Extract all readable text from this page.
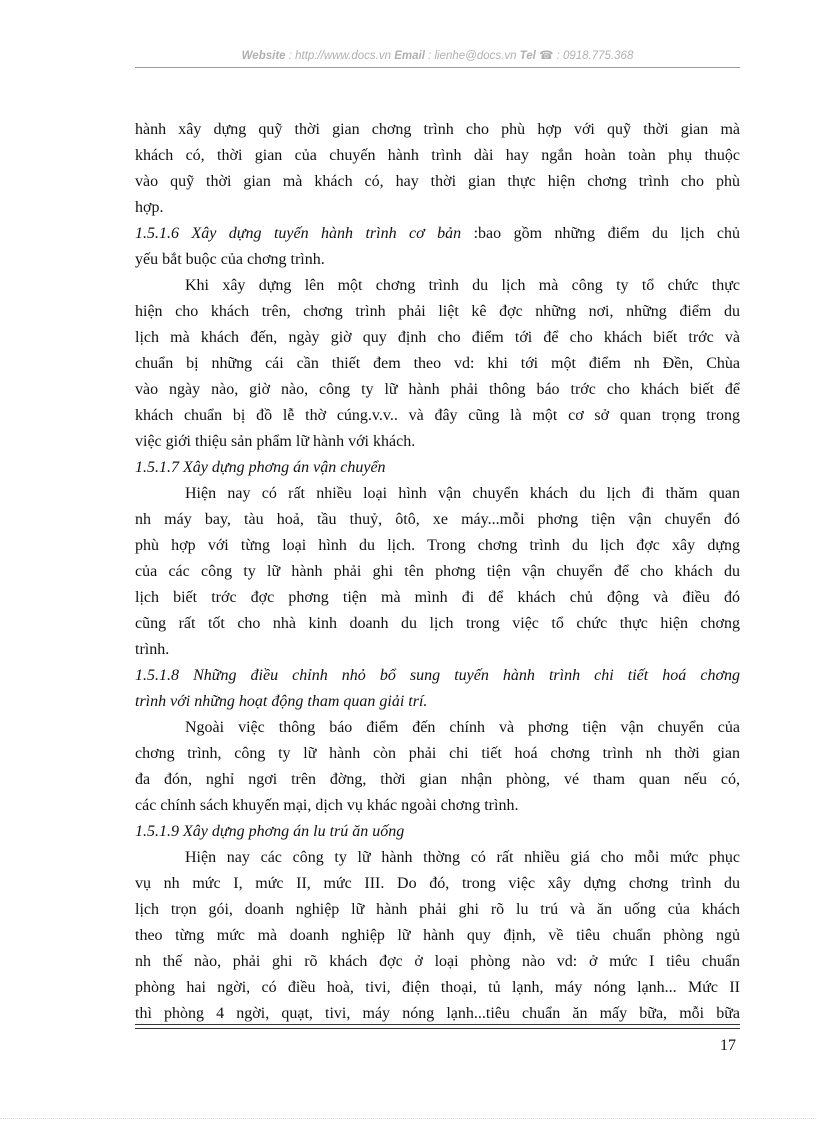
Website : http://www.docs.vn Email : lienhe@docs.vn Tel ☎ : 0918.775.368
hành xây dựng quỹ thời gian chơng trình cho phù hợp với quỹ thời gian mà
khách có, thời gian của chuyến hành trình dài hay ngắn hoàn toàn phụ thuộc
vào quỹ thời gian mà khách có, hay thời gian thực hiện chơng trình cho phù
hợp.
1.5.1.6 Xây dựng tuyến hành trình cơ bản :bao gồm những điểm du lịch chủ
yếu bắt buộc của chơng trình.
Khi xây dựng lên một chơng trình du lịch mà công ty tổ chức thực
hiện cho khách trên, chơng trình phải liệt kê đợc những nơi, những điểm du
lịch mà khách đến, ngày giờ quy định cho điểm tới để cho khách biết trớc và
chuẩn bị những cái cần thiết đem theo vd: khi tới một điểm nh Đền, Chùa
vào ngày nào, giờ nào, công ty lữ hành phải thông báo trớc cho khách biết để
khách chuẩn bị đồ lễ thờ cúng.v.v.. và đây cũng là một cơ sở quan trọng trong
việc giới thiệu sản phẩm lữ hành với khách.
1.5.1.7 Xây dựng phơng án vận chuyển
Hiện nay có rất nhiều loại hình vận chuyển khách du lịch đi thăm quan
nh máy bay, tàu hoả, tầu thuỷ, ôtô, xe máy...mỗi phơng tiện vận chuyển đó
phù hợp với từng loại hình du lịch. Trong chơng trình du lịch đợc xây dựng
của các công ty lữ hành phải ghi tên phơng tiện vận chuyển để cho khách du
lịch biết trớc đợc phơng tiện mà mình đi để khách chủ động và điều đó
cũng rất tốt cho nhà kinh doanh du lịch trong việc tổ chức thực hiện chơng
trình.
1.5.1.8 Những điều chỉnh nhỏ bổ sung tuyến hành trình chi tiết hoá chơng
trình với những hoạt động tham quan giải trí.
Ngoài việc thông báo điểm đến chính và phơng tiện vận chuyển của
chơng trình, công ty lữ hành còn phải chi tiết hoá chơng trình nh thời gian
đa đón, nghỉ ngơi trên đờng, thời gian nhận phòng, vé tham quan nếu có,
các chính sách khuyến mại, dịch vụ khác ngoài chơng trình.
1.5.1.9 Xây dựng phơng án lu trú ăn uống
Hiện nay các công ty lữ hành thờng có rất nhiều giá cho mỗi mức phục
vụ nh mức I, mức II, mức III. Do đó, trong việc xây dựng chơng trình du
lịch trọn gói, doanh nghiệp lữ hành phải ghi rõ lu trú và ăn uống của khách
theo từng mức mà doanh nghiệp lữ hành quy định, về tiêu chuẩn phòng ngủ
nh thế nào, phải ghi rõ khách đợc ở loại phòng nào vd: ở mức I tiêu chuẩn
phòng hai ngời, có điều hoà, tivi, điện thoại, tủ lạnh, máy nóng lạnh... Mức II
thì phòng 4 ngời, quạt, tivi, máy nóng lạnh...tiêu chuẩn ăn mấy bữa, mỗi bữa
17
